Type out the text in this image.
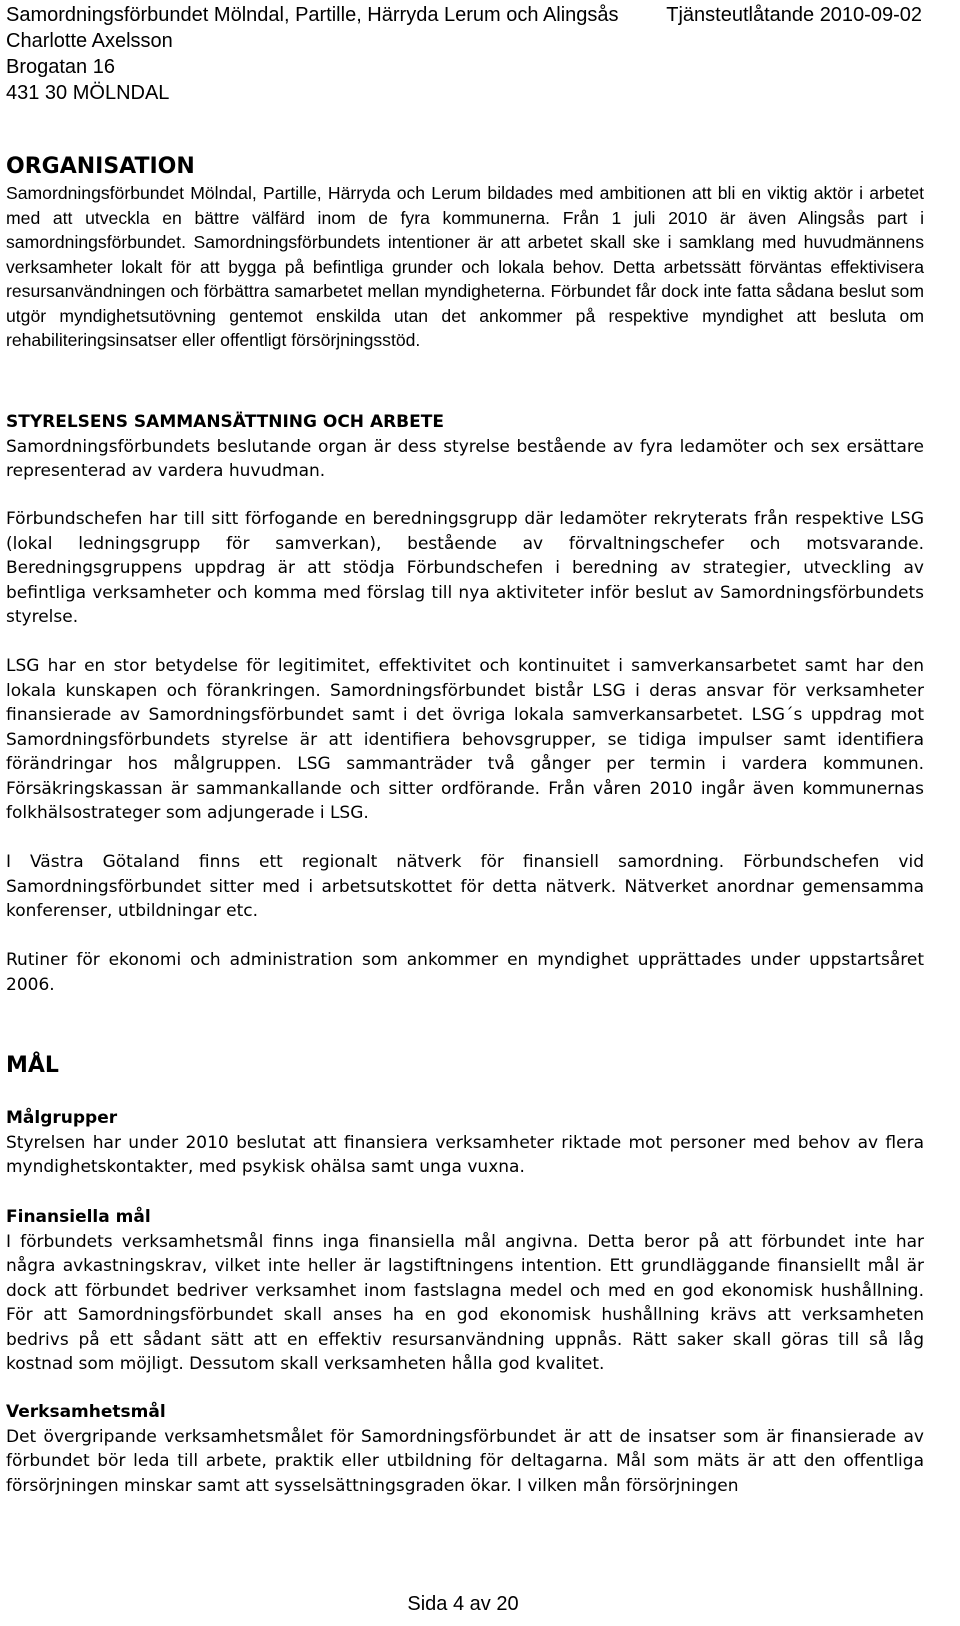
Samordningsförbundet Mölndal, Partille, Härryda Lerum och Alingsås Tjänsteutlåtande 2010-09-02
Charlotte Axelsson
Brogatan 16
431 30 MÖLNDAL
ORGANISATION

Samordningsförbundet Mölndal, Partille, Härryda och Lerum bildades med ambitionen att bli en viktig aktör i arbetet med att utveckla en bättre välfärd inom de fyra kommunerna. Från 1 juli 2010 är även Alingsås part i samordningsförbundet. Samordningsförbundets intentioner är att arbetet skall ske i samklang med huvudmännens verksamheter lokalt för att bygga på befintliga grunder och lokala behov. Detta arbetssätt förväntas effektivisera resursanvändningen och förbättra samarbetet mellan myndigheterna. Förbundet får dock inte fatta sådana beslut som utgör myndighetsutövning gentemot enskilda utan det ankommer på respektive myndighet att besluta om rehabiliteringsinsatser eller offentligt försörjningsstöd.

STYRELSENS SAMMANSÄTTNING OCH ARBETE

Samordningsförbundets beslutande organ är dess styrelse bestående av fyra ledamöter och sex ersättare representerad av vardera huvudman.

Förbundschefen har till sitt förfogande en beredningsgrupp där ledamöter rekryterats från respektive LSG (lokal ledningsgrupp för samverkan), bestående av förvaltningschefer och motsvarande. Beredningsgruppens uppdrag är att stödja Förbundschefen i beredning av strategier, utveckling av befintliga verksamheter och komma med förslag till nya aktiviteter inför beslut av Samordningsförbundets styrelse.

LSG har en stor betydelse för legitimitet, effektivitet och kontinuitet i samverkansarbetet samt har den lokala kunskapen och förankringen. Samordningsförbundet bistår LSG i deras ansvar för verksamheter finansierade av Samordningsförbundet samt i det övriga lokala samverkansarbetet. LSG´s uppdrag mot Samordningsförbundets styrelse är att identifiera behovsgrupper, se tidiga impulser samt identifiera förändringar hos målgruppen. LSG sammanträder två gånger per termin i vardera kommunen. Försäkringskassan är sammankallande och sitter ordförande. Från våren 2010 ingår även kommunernas folkhälsostrateger som adjungerade i LSG.

I Västra Götaland finns ett regionalt nätverk för finansiell samordning. Förbundschefen vid Samordningsförbundet sitter med i arbetsutskottet för detta nätverk. Nätverket anordnar gemensamma konferenser, utbildningar etc.

Rutiner för ekonomi och administration som ankommer en myndighet upprättades under uppstartsåret 2006.

MÅL
Målgrupper

Styrelsen har under 2010 beslutat att finansiera verksamheter riktade mot personer med behov av flera myndighetskontakter, med psykisk ohälsa samt unga vuxna.

Finansiella mål

I förbundets verksamhetsmål finns inga finansiella mål angivna. Detta beror på att förbundet inte har några avkastningskrav, vilket inte heller är lagstiftningens intention. Ett grundläggande finansiellt mål är dock att förbundet bedriver verksamhet inom fastslagna medel och med en god ekonomisk hushållning. För att Samordningsförbundet skall anses ha en god ekonomisk hushållning krävs att verksamheten bedrivs på ett sådant sätt att en effektiv resursanvändning uppnås. Rätt saker skall göras till så låg kostnad som möjligt. Dessutom skall verksamheten hålla god kvalitet.

Verksamhetsmål

Det övergripande verksamhetsmålet för Samordningsförbundet är att de insatser som är finansierade av förbundet bör leda till arbete, praktik eller utbildning för deltagarna. Mål som mäts är att den offentliga försörjningen minskar samt att sysselsättningsgraden ökar. I vilken mån försörjningen

Sida 4 av 20
